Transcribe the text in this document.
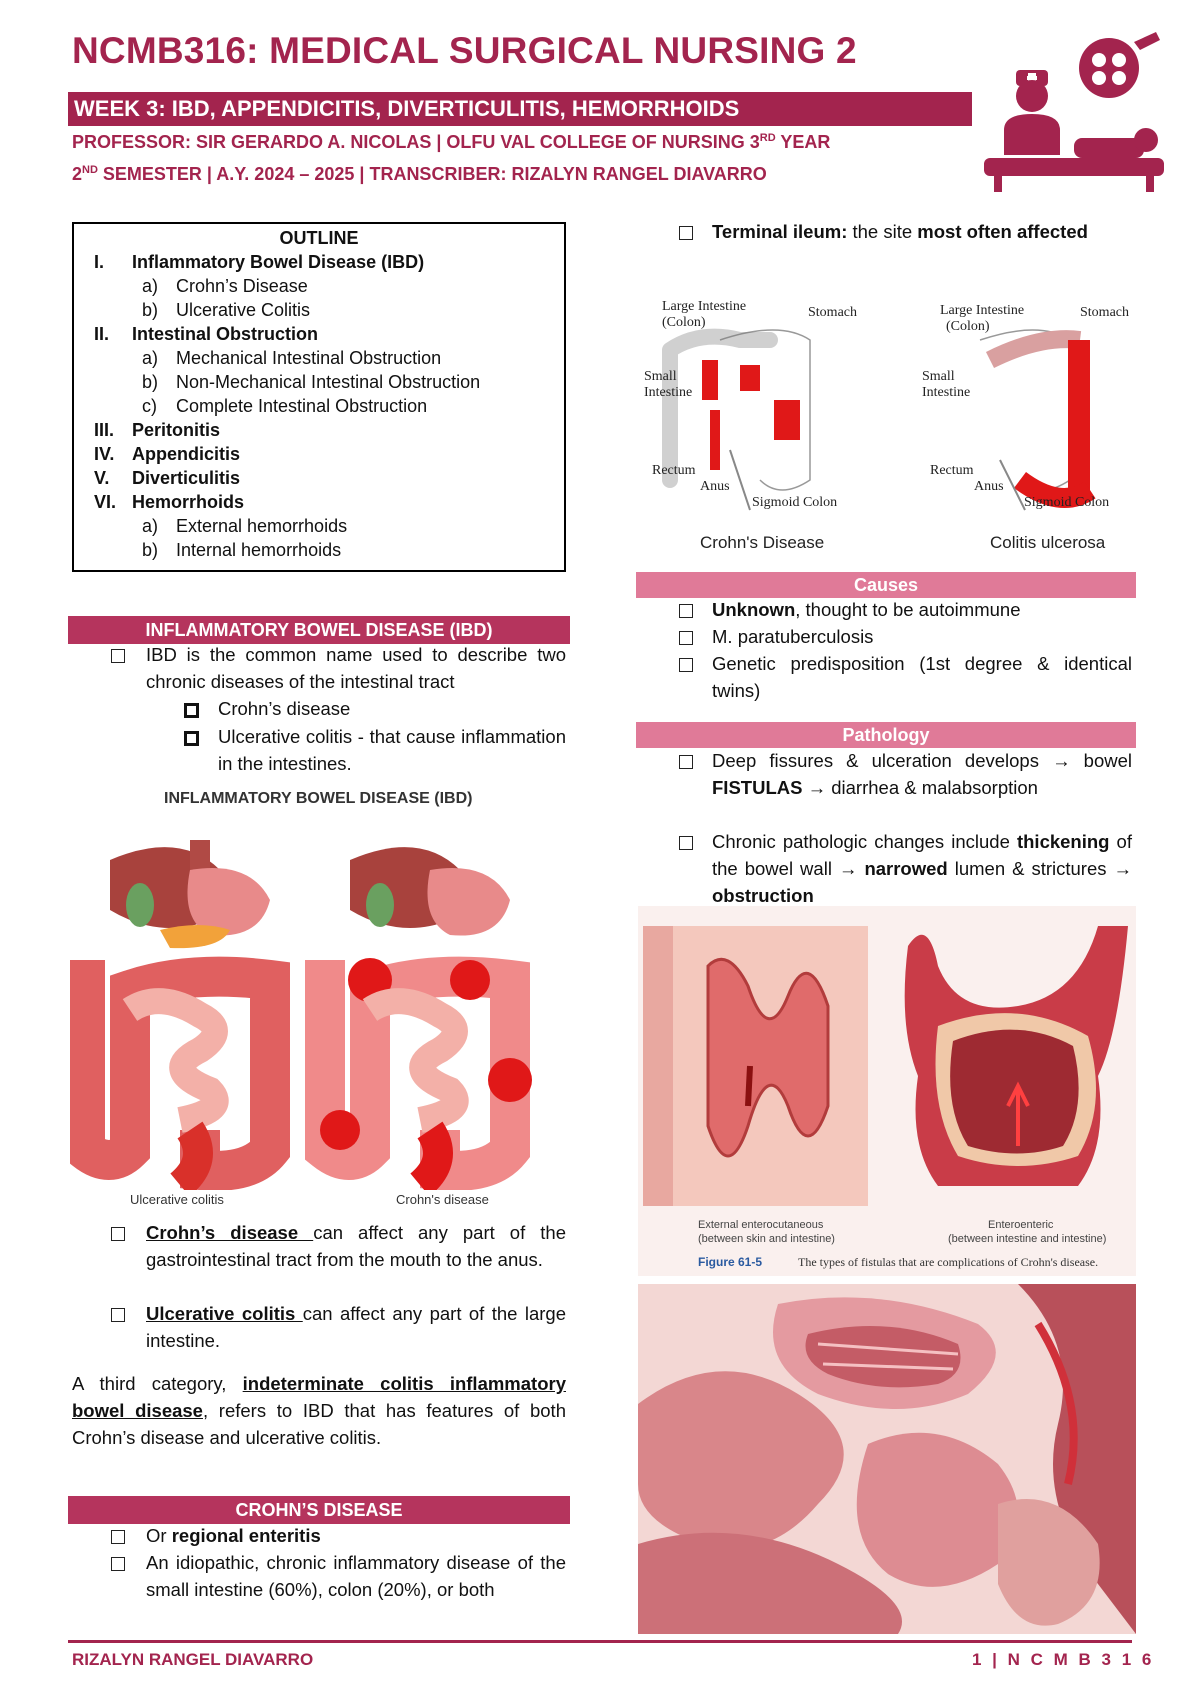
NCMB316: MEDICAL SURGICAL NURSING 2
WEEK 3: IBD, APPENDICITIS, DIVERTICULITIS, HEMORRHOIDS
PROFESSOR: SIR GERARDO A. NICOLAS | OLFU VAL COLLEGE OF NURSING 3RD YEAR
2ND SEMESTER | A.Y. 2024 – 2025 | TRANSCRIBER: RIZALYN RANGEL DIAVARRO
OUTLINE
I. Inflammatory Bowel Disease (IBD)
a) Crohn’s Disease
b) Ulcerative Colitis
II. Intestinal Obstruction
a) Mechanical Intestinal Obstruction
b) Non-Mechanical Intestinal Obstruction
c) Complete Intestinal Obstruction
III. Peritonitis
IV. Appendicitis
V. Diverticulitis
VI. Hemorrhoids
a) External hemorrhoids
b) Internal hemorrhoids
INFLAMMATORY BOWEL DISEASE (IBD)
IBD is the common name used to describe two chronic diseases of the intestinal tract
Crohn’s disease
Ulcerative colitis - that cause inflammation in the intestines.
INFLAMMATORY BOWEL DISEASE (IBD)
Ulcerative colitis	Crohn's disease
Crohn’s disease can affect any part of the gastrointestinal tract from the mouth to the anus.
Ulcerative colitis can affect any part of the large intestine.
A third category, indeterminate colitis inflammatory bowel disease, refers to IBD that has features of both Crohn’s disease and ulcerative colitis.
CROHN’S DISEASE
Or regional enteritis
An idiopathic, chronic inflammatory disease of the small intestine (60%), colon (20%), or both
Terminal ileum: the site most often affected
Large Intestine
(Colon)
Stomach
Small
Intestine
Rectum
Anus
Sigmoid Colon
Large Intestine
(Colon)
Stomach
Small
Intestine
Rectum
Anus
Sigmoid Colon
Crohn's Disease	Colitis ulcerosa
Causes
Unknown, thought to be autoimmune
M. paratuberculosis
Genetic predisposition (1st degree & identical twins)
Pathology
Deep fissures & ulceration develops → bowel FISTULAS → diarrhea & malabsorption
Chronic pathologic changes include thickening of the bowel wall → narrowed lumen & strictures → obstruction
External enterocutaneous
(between skin and intestine)
Enteroenteric
(between intestine and intestine)
Figure 61-5	The types of fistulas that are complications of Crohn's disease.
RIZALYN RANGEL DIAVARRO	1 | N C M B 3 1 6
